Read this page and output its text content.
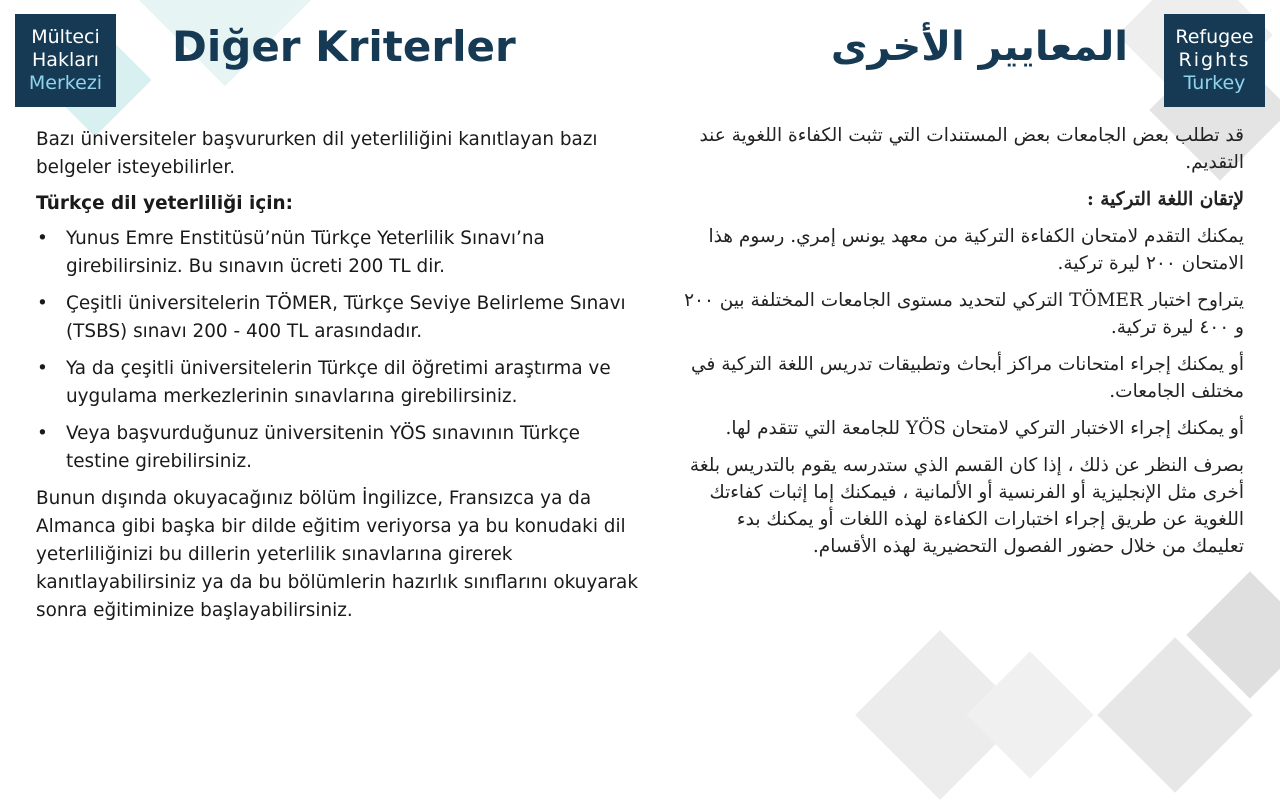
Mülteci
Hakları
Merkezi
Diğer Kriterler	المعايير الأخرى	Refugee
Rights
Turkey

Bazı üniversiteler başvururken dil yeterliliğini kanıtlayan bazı belgeler isteyebilirler.

Türkçe dil yeterliliği için:

• Yunus Emre Enstitüsü’nün Türkçe Yeterlilik Sınavı’na girebilirsiniz. Bu sınavın ücreti 200 TL dir.
• Çeşitli üniversitelerin TÖMER, Türkçe Seviye Belirleme Sınavı (TSBS) sınavı 200 - 400 TL arasındadır.
• Ya da çeşitli üniversitelerin Türkçe dil öğretimi araştırma ve uygulama merkezlerinin sınavlarına girebilirsiniz.
• Veya başvurduğunuz üniversitenin YÖS sınavının Türkçe testine girebilirsiniz.

Bunun dışında okuyacağınız bölüm İngilizce, Fransızca ya da Almanca gibi başka bir dilde eğitim veriyorsa ya bu konudaki dil yeterliliğinizi bu dillerin yeterlilik sınavlarına girerek kanıtlayabilirsiniz ya da bu bölümlerin hazırlık sınıflarını okuyarak sonra eğitiminize başlayabilirsiniz.

قد تطلب بعض الجامعات بعض المستندات التي تثبت الكفاءة اللغوية عند التقديم.

لإتقان اللغة التركية :

يمكنك التقدم لامتحان الكفاءة التركية من معهد يونس إمري. رسوم هذا الامتحان ٢٠٠ ليرة تركية.

يتراوح اختبار TÖMER التركي لتحديد مستوى الجامعات المختلفة بين ٢٠٠ و ٤٠٠ ليرة تركية.

أو يمكنك إجراء امتحانات مراكز أبحاث وتطبيقات تدريس اللغة التركية في مختلف الجامعات.

أو يمكنك إجراء الاختبار التركي لامتحان YÖS للجامعة التي تتقدم لها.

بصرف النظر عن ذلك ، إذا كان القسم الذي ستدرسه يقوم بالتدريس بلغة أخرى مثل الإنجليزية أو الفرنسية أو الألمانية ، فيمكنك إما إثبات كفاءتك اللغوية عن طريق إجراء اختبارات الكفاءة لهذه اللغات أو يمكنك بدء تعليمك من خلال حضور الفصول التحضيرية لهذه الأقسام.
